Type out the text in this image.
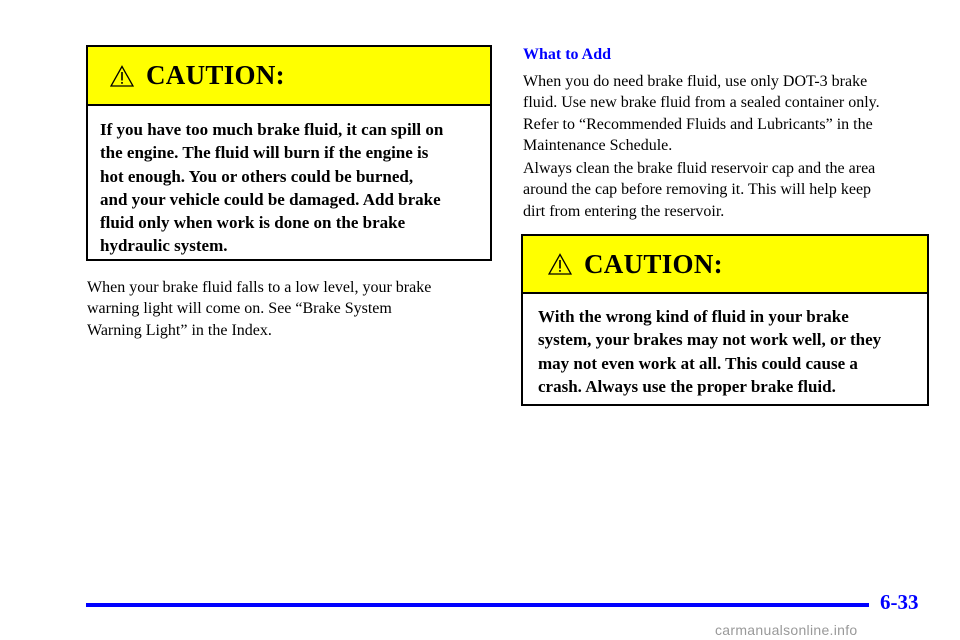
CAUTION:
If you have too much brake fluid, it can spill on
the engine. The fluid will burn if the engine is
hot enough. You or others could be burned,
and your vehicle could be damaged. Add brake
fluid only when work is done on the brake
hydraulic system.
When your brake fluid falls to a low level, your brake
warning light will come on. See “Brake System
Warning Light” in the Index.
What to Add
When you do need brake fluid, use only DOT-3 brake
fluid. Use new brake fluid from a sealed container only.
Refer to “Recommended Fluids and Lubricants” in the
Maintenance Schedule.
Always clean the brake fluid reservoir cap and the area
around the cap before removing it. This will help keep
dirt from entering the reservoir.
CAUTION:
With the wrong kind of fluid in your brake
system, your brakes may not work well, or they
may not even work at all. This could cause a
crash. Always use the proper brake fluid.
6-33
carmanualsonline.info
